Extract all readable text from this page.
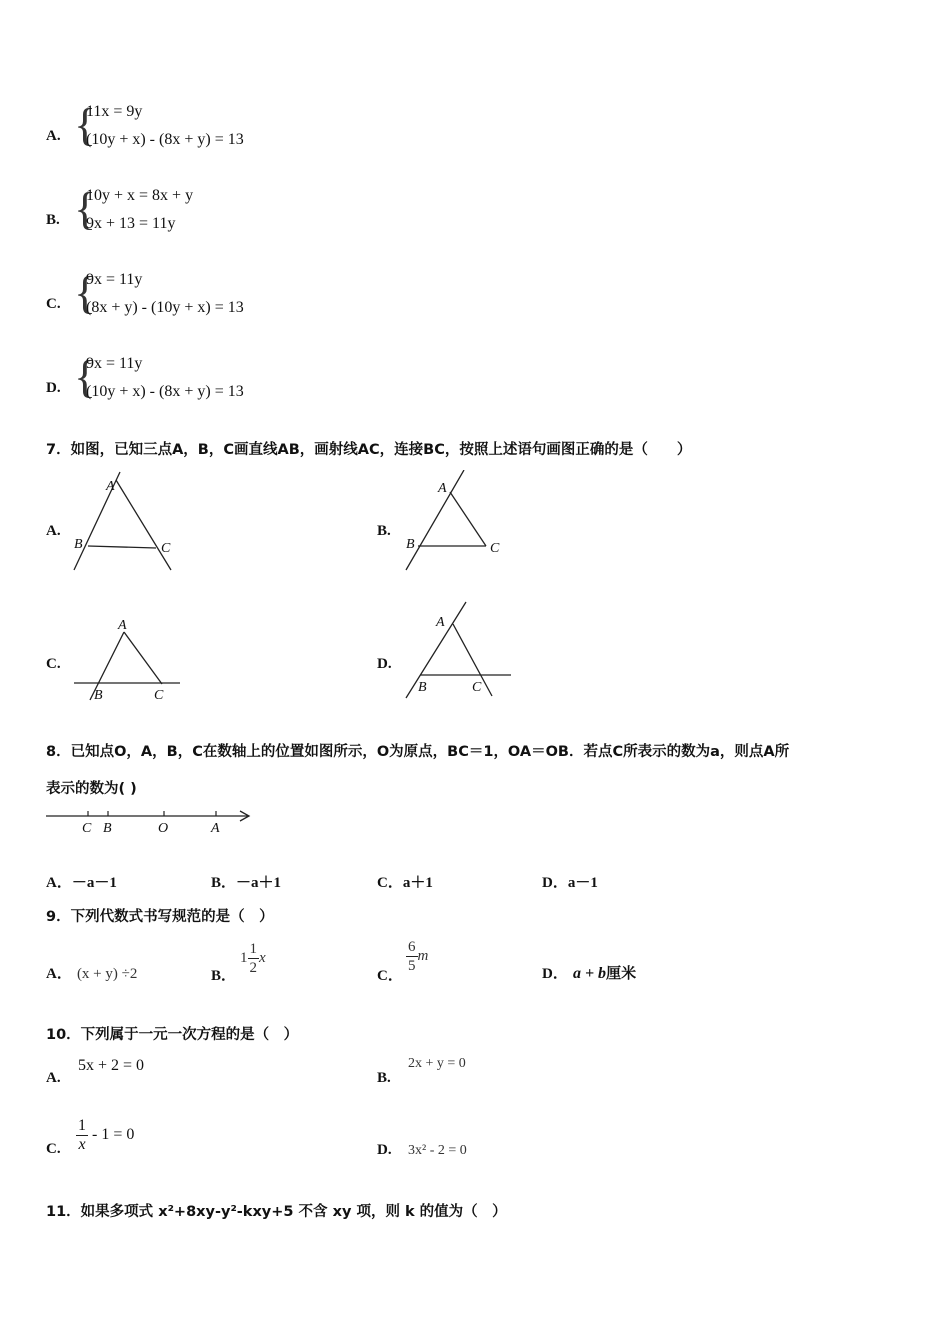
A. {
11x = 9y
(10y + x) - (8x + y) = 13
B. {
10y + x = 8x + y
9x + 13 = 11y
C. {
9x = 11y
(8x + y) - (10y + x) = 13
D. {
9x = 11y
(10y + x) - (8x + y) = 13
7．如图，已知三点A，B，C画直线AB，画射线AC，连接BC，按照上述语句画图正确的是（　　）
A.
A
B	C
B.
A
B	C
C.
A
B	C
D.
A
B	C
8．已知点O，A，B，C在数轴上的位置如图所示，O为原点，BC＝1，OA＝OB．若点C所表示的数为a，则点A所
表示的数为( )
C B	O	A
A．－a－1	B．－a＋1	C．a＋1	D．a－1
9．下列代数式书写规范的是（　）
A． (x + y) ÷2	B．
$1 \frac{1}{2}$ x
C．
$\frac{6}{5}$ m
D． a + b厘米
10．下列属于一元一次方程的是（　）
A.
5x + 2 = 0
B.
2x + y = 0
C. $\frac{1}{x} - 1 = 0$
D. 3x² - 2 = 0
11．如果多项式 x²+8xy-y²-kxy+5 不含 xy 项，则 k 的值为（　）
